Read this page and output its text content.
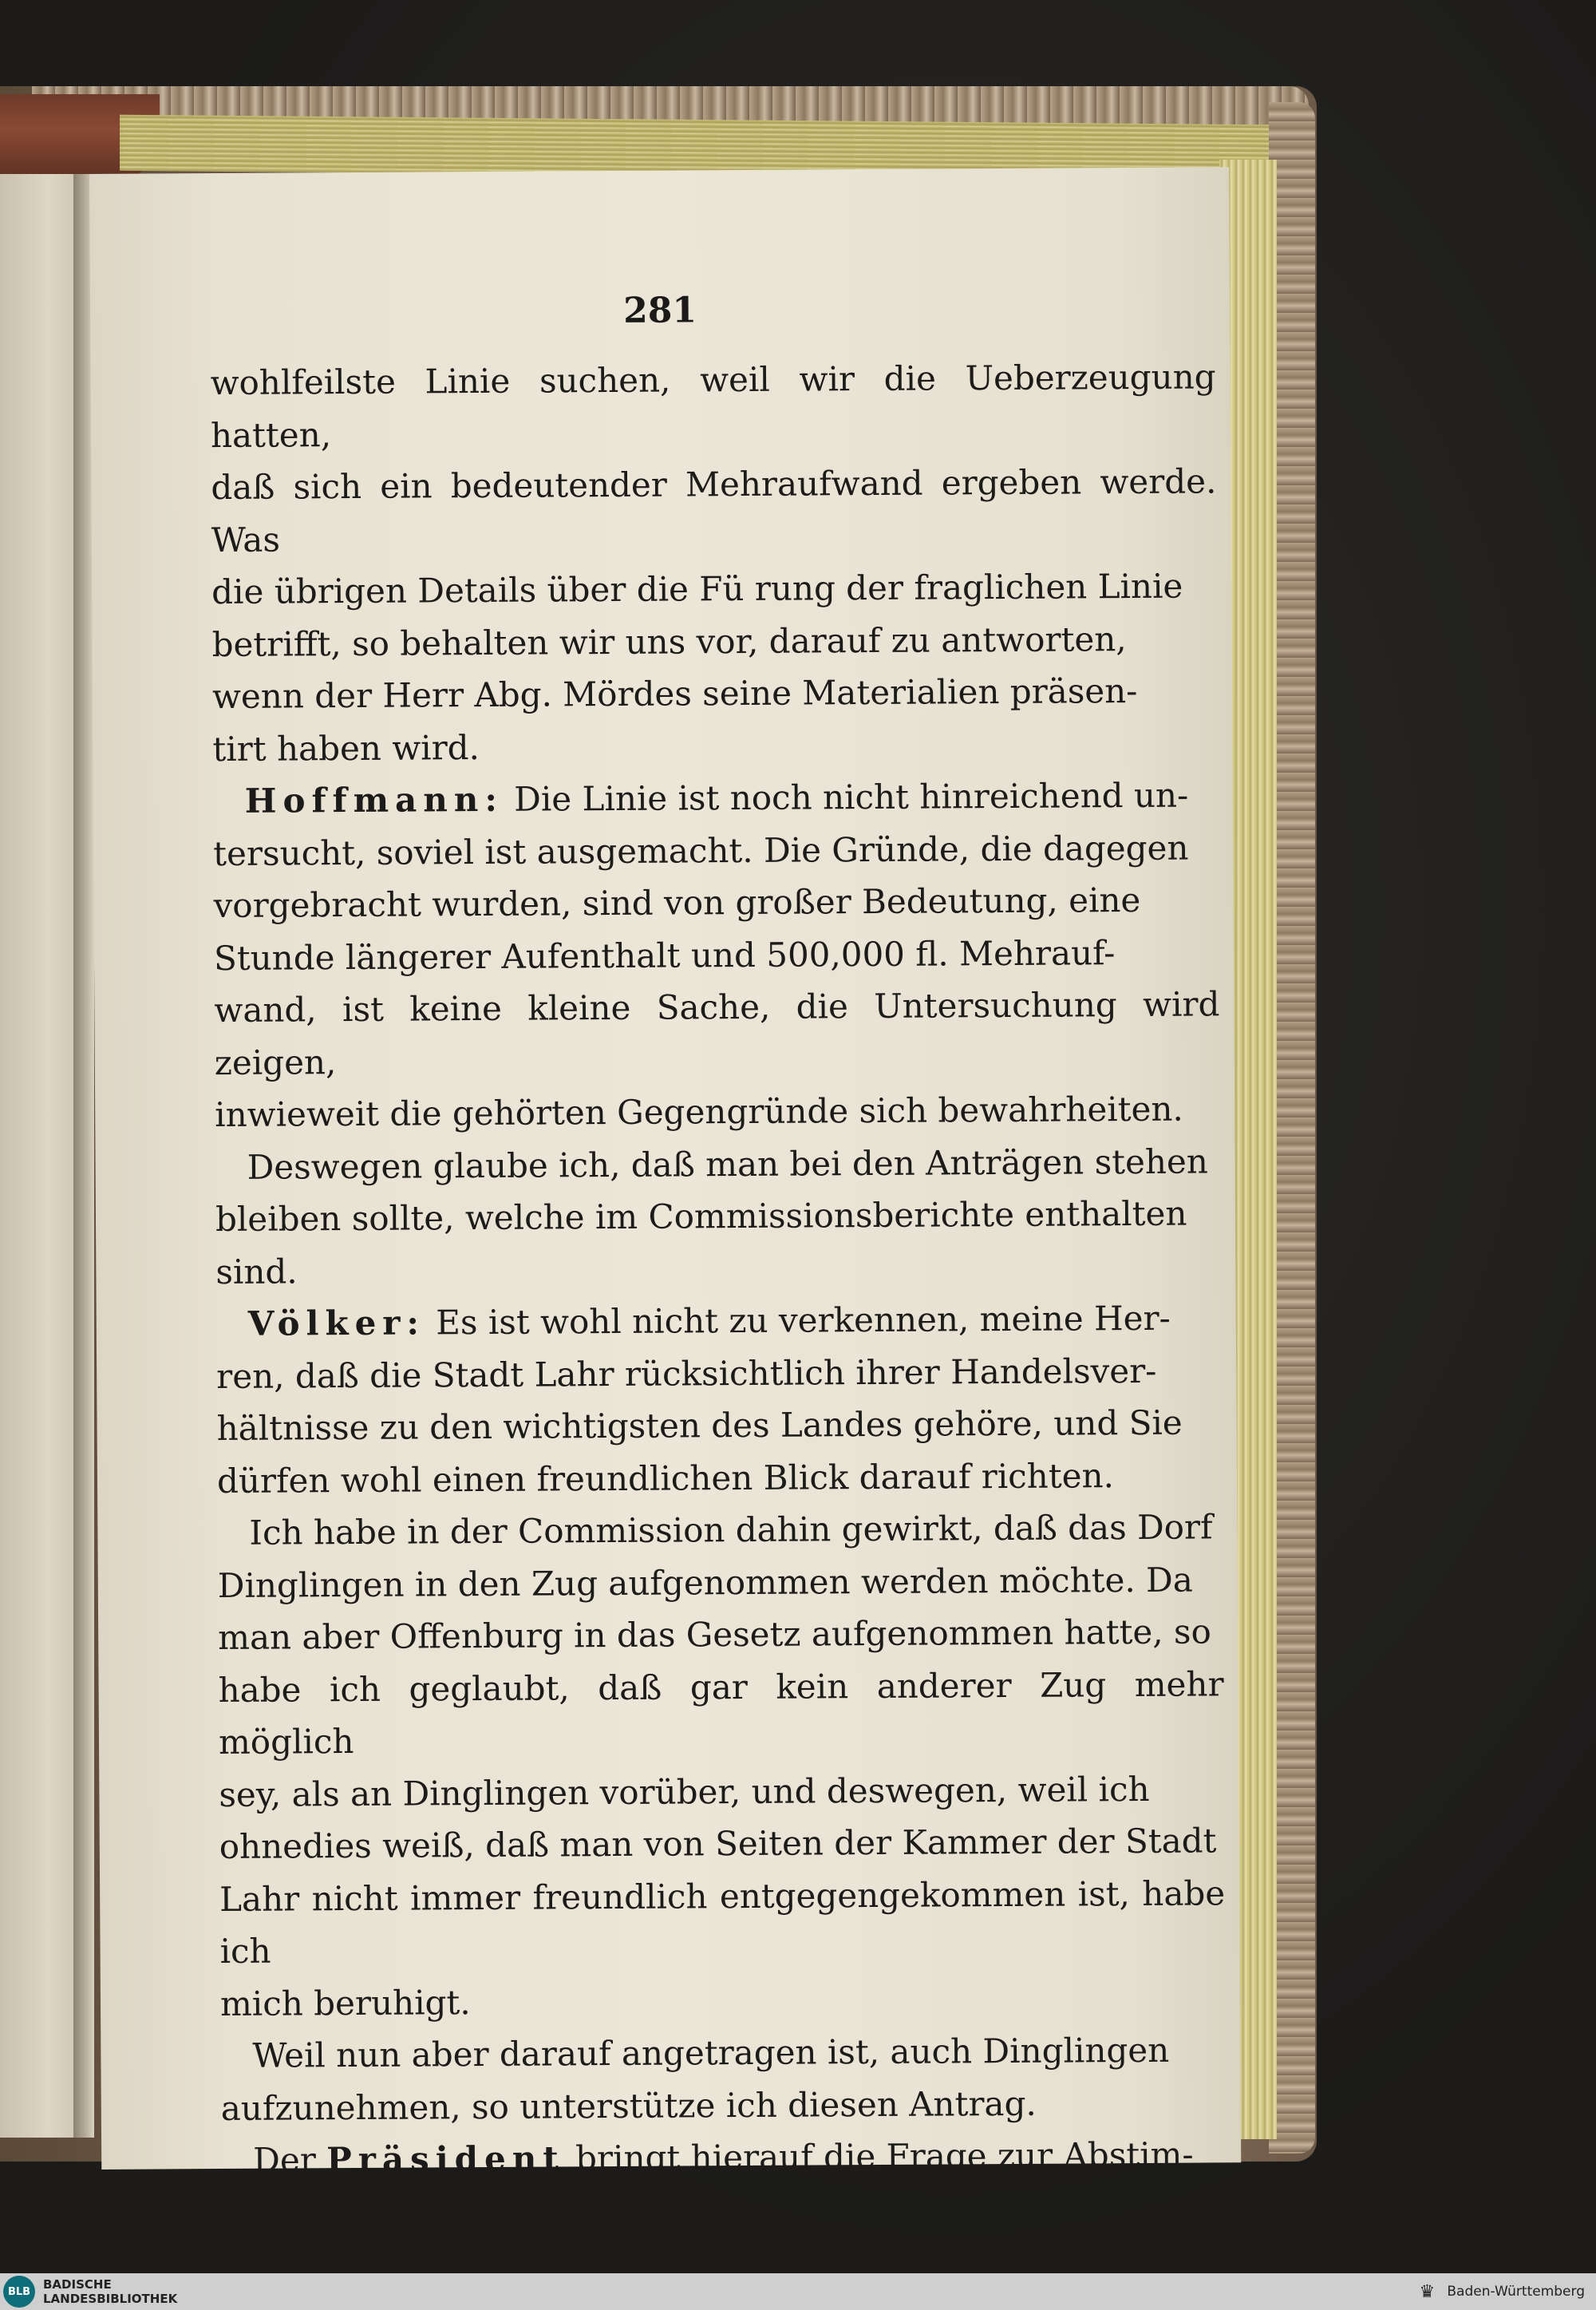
281
wohlfeilste Linie suchen, weil wir die Ueberzeugung hatten,
daß sich ein bedeutender Mehraufwand ergeben werde. Was
die übrigen Details über die Fü rung der fraglichen Linie
betrifft, so behalten wir uns vor, darauf zu antworten,
wenn der Herr Abg. Mördes seine Materialien präsen-
tirt haben wird.
Hoffmann: Die Linie ist noch nicht hinreichend un-
tersucht, soviel ist ausgemacht. Die Gründe, die dagegen
vorgebracht wurden, sind von großer Bedeutung, eine
Stunde längerer Aufenthalt und 500,000 fl. Mehrauf-
wand, ist keine kleine Sache, die Untersuchung wird zeigen,
inwieweit die gehörten Gegengründe sich bewahrheiten.
Deswegen glaube ich, daß man bei den Anträgen stehen
bleiben sollte, welche im Commissionsberichte enthalten
sind.
Völker: Es ist wohl nicht zu verkennen, meine Her-
ren, daß die Stadt Lahr rücksichtlich ihrer Handelsver-
hältnisse zu den wichtigsten des Landes gehöre, und Sie
dürfen wohl einen freundlichen Blick darauf richten.
Ich habe in der Commission dahin gewirkt, daß das Dorf
Dinglingen in den Zug aufgenommen werden möchte. Da
man aber Offenburg in das Gesetz aufgenommen hatte, so
habe ich geglaubt, daß gar kein anderer Zug mehr möglich
sey, als an Dinglingen vorüber, und deswegen, weil ich
ohnedies weiß, daß man von Seiten der Kammer der Stadt
Lahr nicht immer freundlich entgegengekommen ist, habe ich
mich beruhigt.
Weil nun aber darauf angetragen ist, auch Dinglingen
aufzunehmen, so unterstütze ich diesen Antrag.
Der Präsident bringt hierauf die Frage zur Abstim-
BLB	BADISCHE
LANDESBIBLIOTHEK	♛ Baden-Württemberg
